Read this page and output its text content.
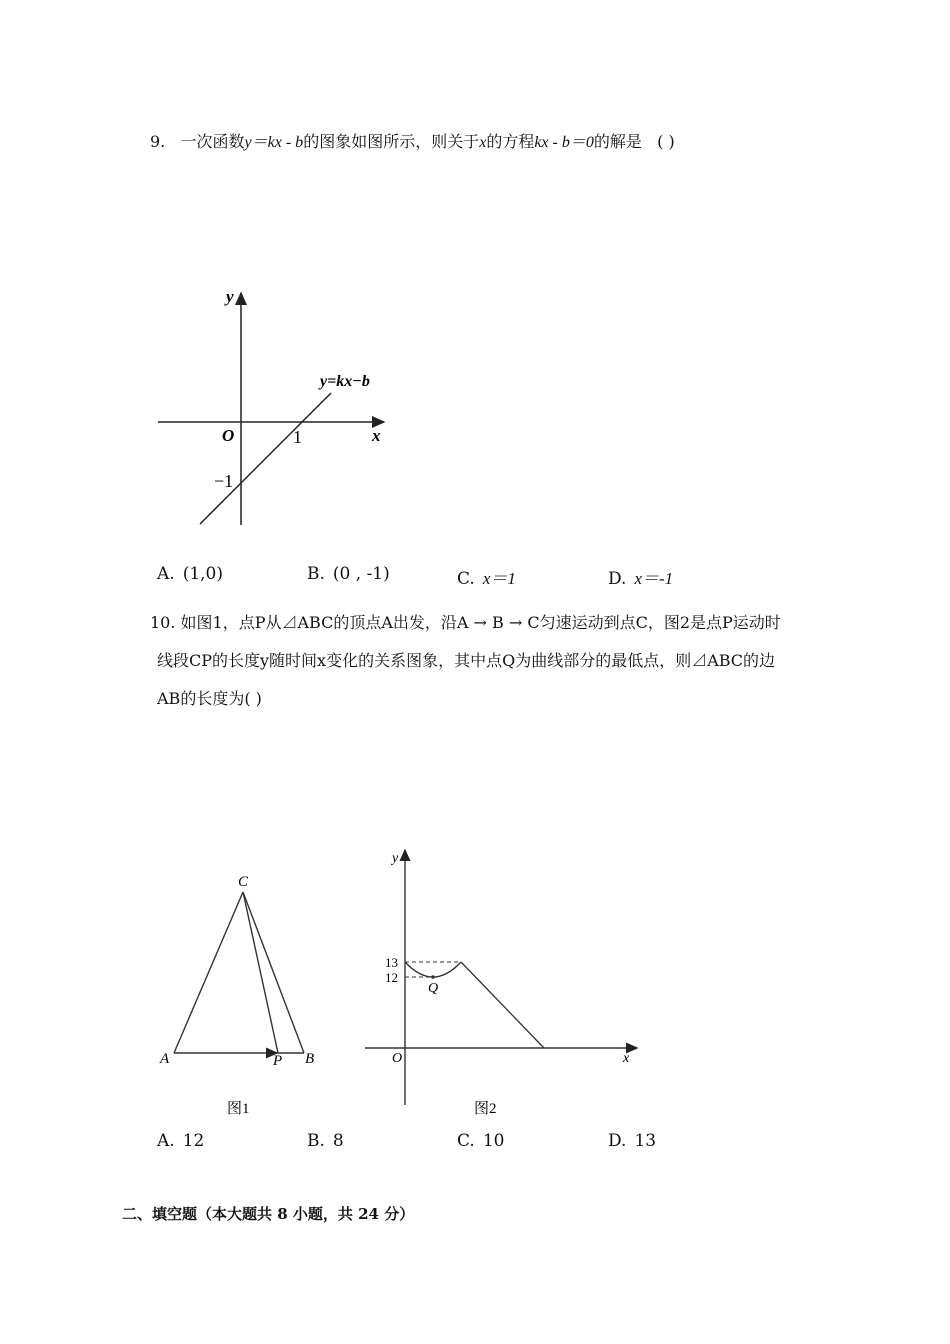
9. 一次函数y＝kx - b的图象如图所示，则关于x的方程kx - b＝0的解是 ( )
y
x
O	1
−1
y=kx−b
A. (1,0)	B. (0 , -1)	C. x＝1	D. x＝-1
10. 如图1，点P从⊿ABC的顶点A出发，沿A → B → C匀速运动到点C，图2是点P运动时
线段CP的长度y随时间x变化的关系图象，其中点Q为曲线部分的最低点，则⊿ABC的边
AB的长度为( )
C
A	P B
图1
y
x
O
13
12
Q
图2
A. 12	B. 8	C. 10	D. 13
二、填空题（本大题共 8 小题，共 24 分）
